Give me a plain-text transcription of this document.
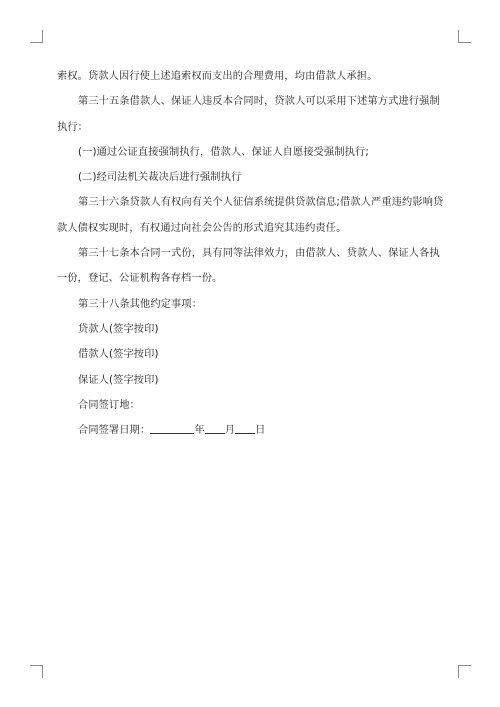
索权。贷款人因行使上述追索权而支出的合理费用，均由借款人承担。
第三十五条借款人、保证人违反本合同时，贷款人可以采用下述第方式进行强制
执行：
(一)通过公证直接强制执行，借款人、保证人自愿接受强制执行;
(二)经司法机关裁决后进行强制执行
第三十六条贷款人有权向有关个人征信系统提供贷款信息;借款人严重违约影响贷
款人债权实现时，有权通过向社会公告的形式追究其违约责任。
第三十七条本合同一式份，具有同等法律效力，由借款人、贷款人、保证人各执
一份，登记、公证机构各存档一份。
第三十八条其他约定事项：
贷款人(签字按印)
借款人(签字按印)
保证人(签字按印)
合同签订地：
合同签署日期：	年 月 日
